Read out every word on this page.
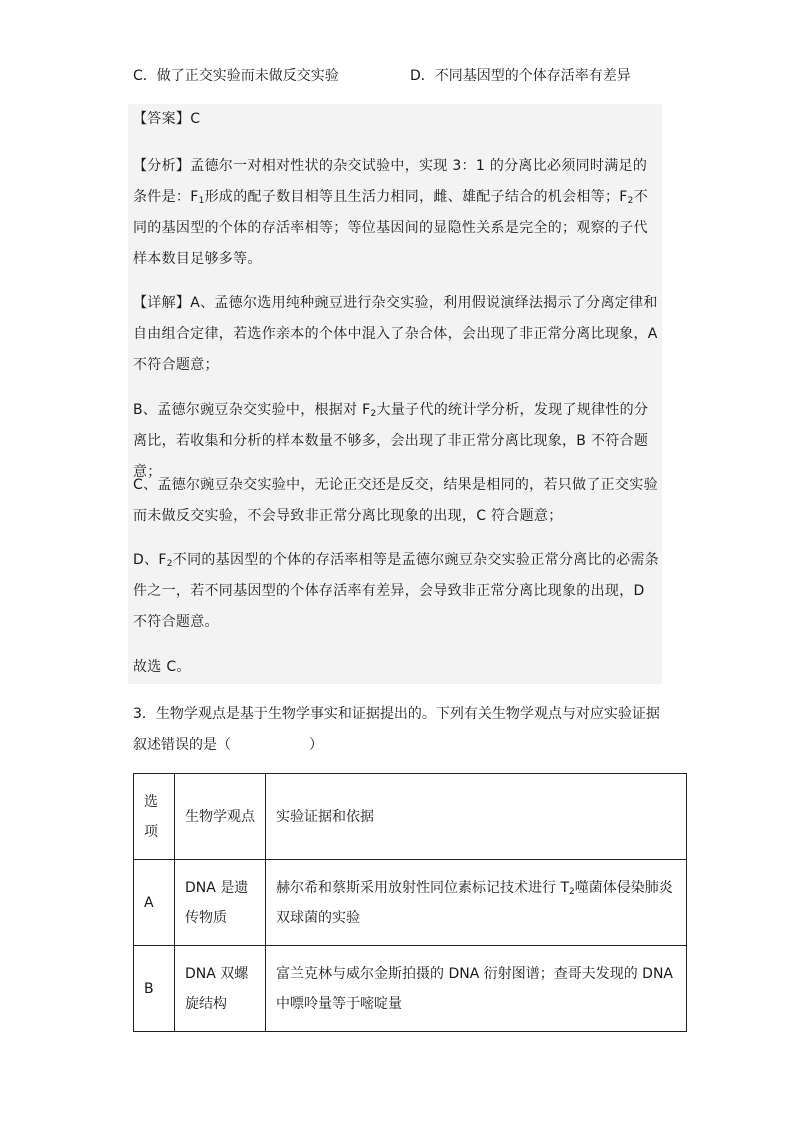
C．做了正交实验而未做反交实验	D．不同基因型的个体存活率有差异
【答案】C
【分析】孟德尔一对相对性状的杂交试验中，实现 3：1 的分离比必须同时满足的条件是：$F_1$形成的配子数目相等且生活力相同，雌、雄配子结合的机会相等；$F_2$不同的基因型的个体的存活率相等；等位基因间的显隐性关系是完全的；观察的子代样本数目足够多等。
【详解】A、孟德尔选用纯种豌豆进行杂交实验，利用假说演绎法揭示了分离定律和自由组合定律，若选作亲本的个体中混入了杂合体，会出现了非正常分离比现象，A 不符合题意；
B、孟德尔豌豆杂交实验中，根据对 $F_2$大量子代的统计学分析，发现了规律性的分离比，若收集和分析的样本数量不够多，会出现了非正常分离比现象，B 不符合题意；
C、孟德尔豌豆杂交实验中，无论正交还是反交，结果是相同的，若只做了正交实验而未做反交实验，不会导致非正常分离比现象的出现，C 符合题意；
D、$F_2$不同的基因型的个体的存活率相等是孟德尔豌豆杂交实验正常分离比的必需条件之一，若不同基因型的个体存活率有差异，会导致非正常分离比现象的出现，D 不符合题意。
故选 C。
3．生物学观点是基于生物学事实和证据提出的。下列有关生物学观点与对应实验证据叙述错误的是（	）
选项	生物学观点	实验证据和依据
A	DNA 是遗传物质	赫尔希和蔡斯采用放射性同位素标记技术进行 $T_2$噬菌体侵染肺炎双球菌的实验
B	DNA 双螺旋结构	富兰克林与威尔金斯拍摄的 DNA 衍射图谱；查哥夫发现的 DNA 中嘌呤量等于嘧啶量
